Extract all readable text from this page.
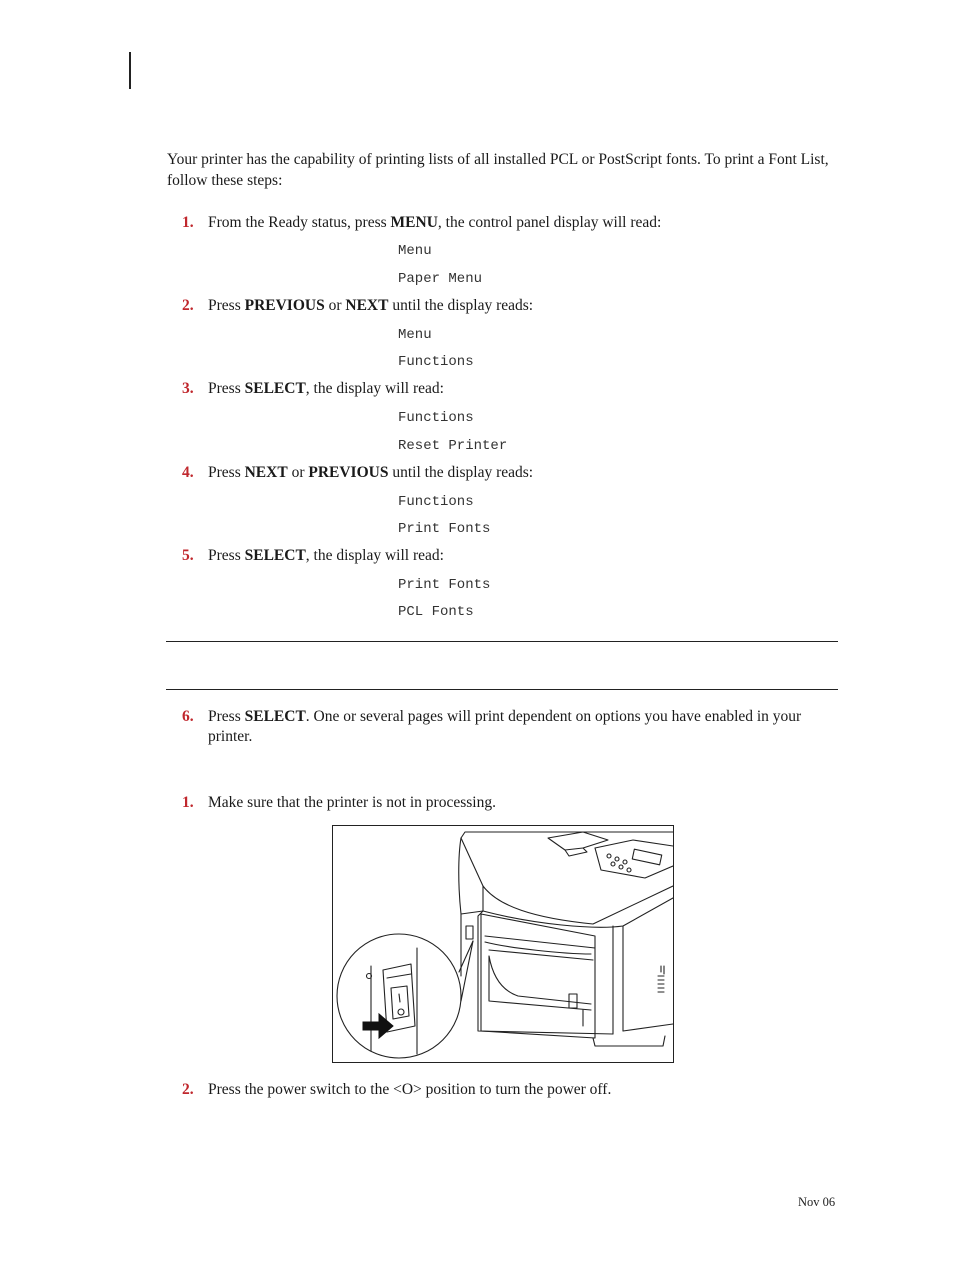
Your printer has the capability of printing lists of all installed PCL or PostScript fonts. To print a Font List, follow these steps:

1. From the Ready status, press MENU, the control panel display will read:
Menu
Paper Menu
2. Press PREVIOUS or NEXT until the display reads:
Menu
Functions
3. Press SELECT, the display will read:
Functions
Reset Printer
4. Press NEXT or PREVIOUS until the display reads:
Functions
Print Fonts
5. Press SELECT, the display will read:
Print Fonts
PCL Fonts
6. Press SELECT. One or several pages will print dependent on options you have enabled in your printer.
1. Make sure that the printer is not in processing.
2. Press the power switch to the <O> position to turn the power off.
Nov 06
